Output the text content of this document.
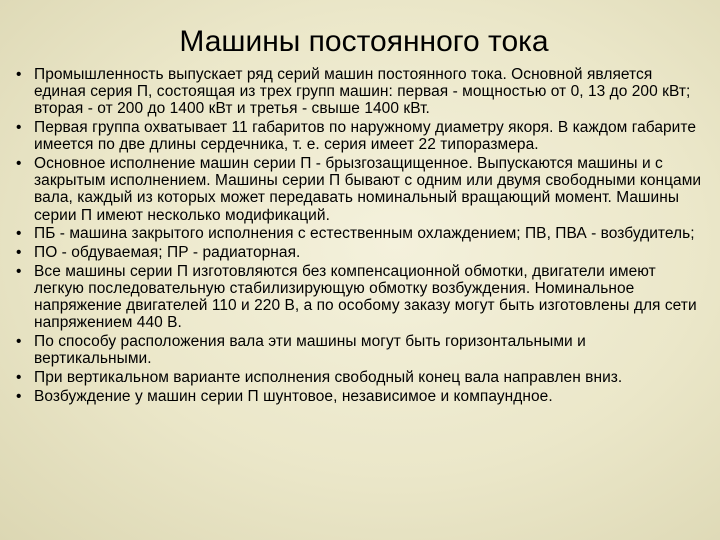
Машины постоянного тока
• Промышленность выпускает ряд серий машин постоянного тока. Основной является единая серия П, состоящая из трех групп машин: первая - мощностью от 0, 13 до 200 кВт; вторая - от 200 до 1400 кВт и третья - свыше 1400 кВт.
• Первая группа охватывает 11 габаритов по наружному диаметру якоря. В каждом габарите имеется по две длины сердечника, т. е. серия имеет 22 типоразмера.
• Основное исполнение машин серии П - брызгозащищенное. Выпускаются машины и с закрытым исполнением. Машины серии П бывают с одним или двумя свободными концами вала, каждый из которых может передавать номинальный вращающий момент. Машины серии П имеют несколько модификаций.
• ПБ - машина закрытого исполнения с естественным охлаждением; ПВ, ПВА - возбудитель;
• ПО - обдуваемая; ПР - радиаторная.
• Все машины серии П изготовляются без компенсационной обмотки, двигатели имеют легкую последовательную стабилизирующую обмотку возбуждения. Номинальное напряжение двигателей 110 и 220 В, а по особому заказу могут быть изготовлены для сети напряжением 440 В.
• По способу расположения вала эти машины могут быть горизонтальными и вертикальными.
• При вертикальном варианте исполнения свободный конец вала направлен вниз.
• Возбуждение у машин серии П шунтовое, независимое и компаундное.
